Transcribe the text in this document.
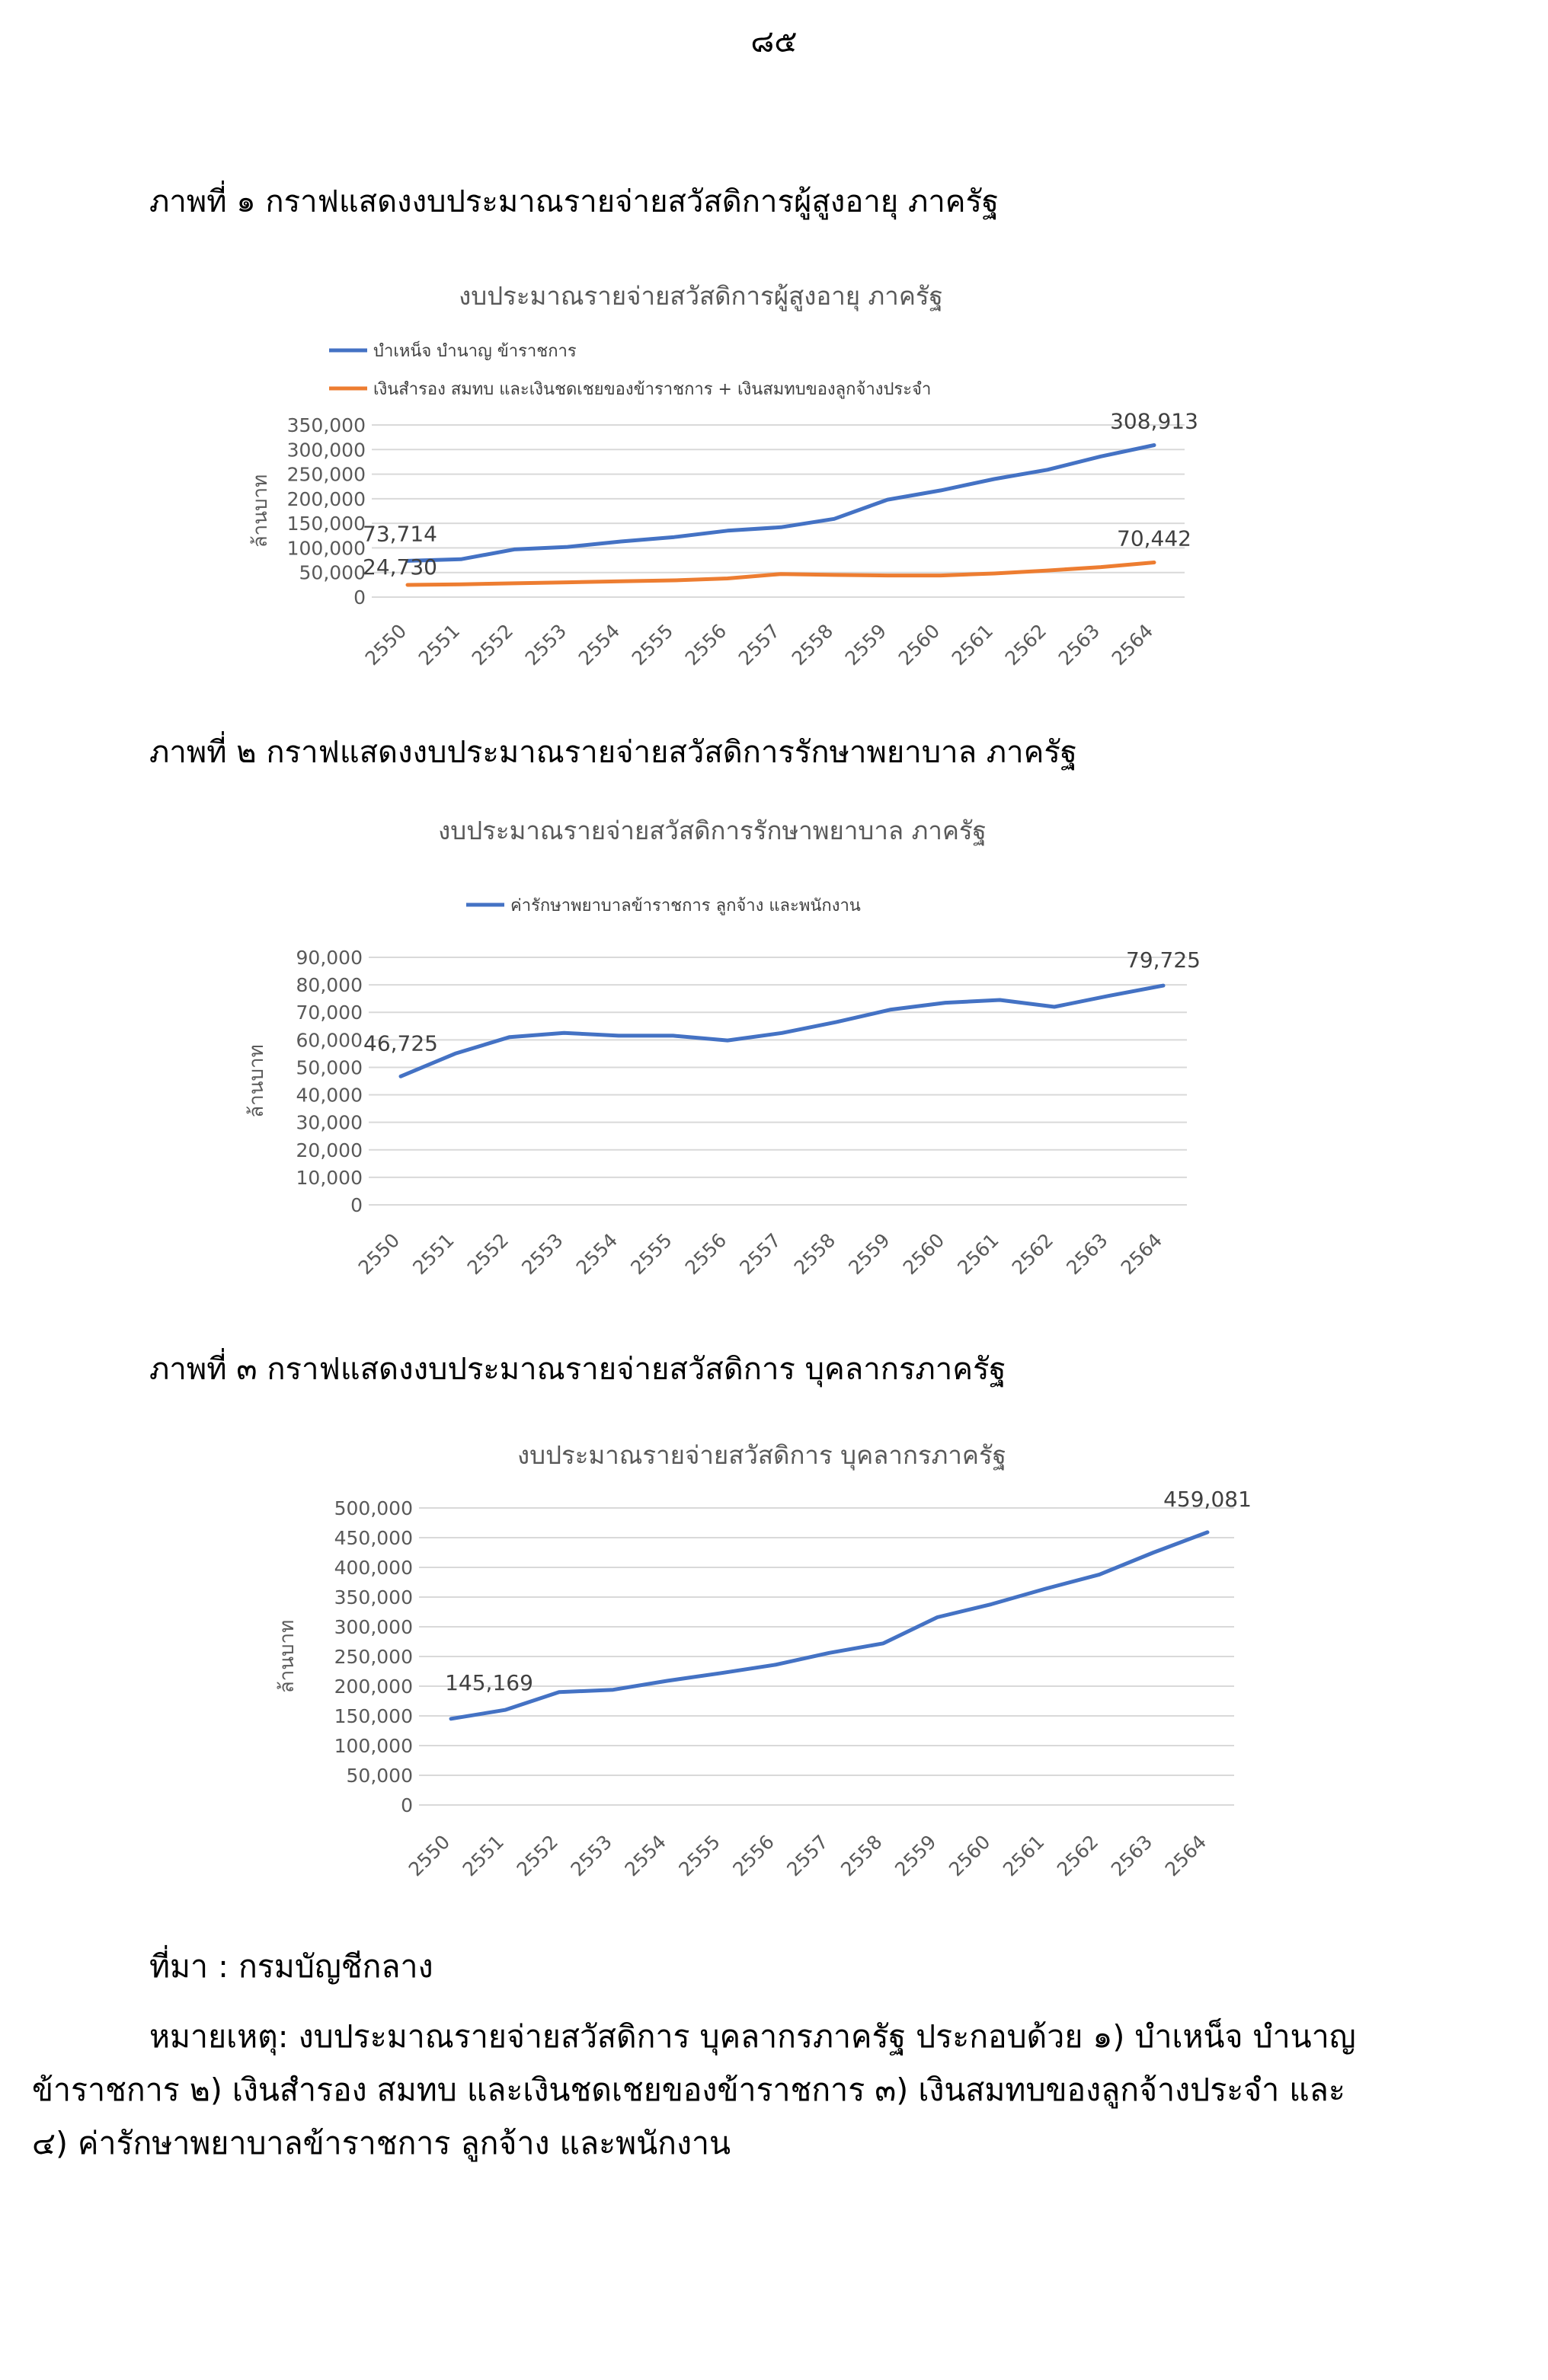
๘๕
ภาพที่ ๑ กราฟแสดงงบประมาณรายจ่ายสวัสดิการผู้สูงอายุ ภาครัฐ
งบประมาณรายจ่ายสวัสดิการผู้สูงอายุ ภาครัฐ
บำเหน็จ บำนาญ ข้าราชการ
เงินสำรอง สมทบ และเงินชดเชยของข้าราชการ + เงินสมทบของลูกจ้างประจำ
350,000
300,000
250,000
200,000
150,000
100,000
50,000
0
2550 2551 2552 2553 2554 2555 2556 2557 2558 2559 2560 2561 2562 2563 2564
ล้านบาท	73,714
308,913
24,730
70,442
ภาพที่ ๒ กราฟแสดงงบประมาณรายจ่ายสวัสดิการรักษาพยาบาล ภาครัฐ
งบประมาณรายจ่ายสวัสดิการรักษาพยาบาล ภาครัฐ
ค่ารักษาพยาบาลข้าราชการ ลูกจ้าง และพนักงาน
90,000
80,000
70,000
60,000
50,000
40,000
30,000
20,000
10,000
0
2550 2551 2552 2553 2554 2555 2556 2557 2558 2559 2560 2561 2562 2563 2564
ล้านบาท
46,725
79,725
ภาพที่ ๓ กราฟแสดงงบประมาณรายจ่ายสวัสดิการ บุคลากรภาครัฐ
งบประมาณรายจ่ายสวัสดิการ บุคลากรภาครัฐ
500,000
450,000
400,000
350,000
300,000
250,000
200,000
150,000
100,000
50,000
0
2550 2551 2552 2553 2554 2555 2556 2557 2558 2559 2560 2561 2562 2563 2564
ล้านบาท	145,169
459,081
ที่มา : กรมบัญชีกลาง
หมายเหตุ: งบประมาณรายจ่ายสวัสดิการ บุคลากรภาครัฐ ประกอบด้วย ๑) บำเหน็จ บำนาญ
ข้าราชการ ๒) เงินสำรอง สมทบ และเงินชดเชยของข้าราชการ ๓) เงินสมทบของลูกจ้างประจำ และ
๔) ค่ารักษาพยาบาลข้าราชการ ลูกจ้าง และพนักงาน
